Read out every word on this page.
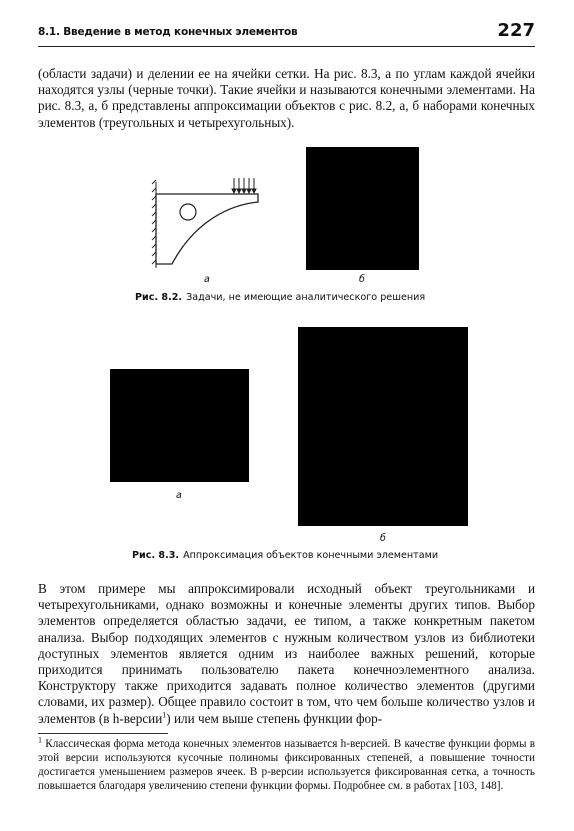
8.1. Введение в метод конечных элементов	227
(области задачи) и делении ее на ячейки сетки. На рис. 8.3, а по углам каждой ячейки находятся узлы (черные точки). Такие ячейки и называются конечными элементами. На рис. 8.3, а, б представлены аппроксимации объектов с рис. 8.2, а, б наборами конечных элементов (треугольных и четырехугольных).
а	б
Рис. 8.2. Задачи, не имеющие аналитического решения
а
б
Рис. 8.3. Аппроксимация объектов конечными элементами
В этом примере мы аппроксимировали исходный объект треугольниками и четырехугольниками, однако возможны и конечные элементы других типов. Выбор элементов определяется областью задачи, ее типом, а также конкретным пакетом анализа. Выбор подходящих элементов с нужным количеством узлов из библиотеки доступных элементов является одним из наиболее важных решений, которые приходится принимать пользователю пакета конечноэлементного анализа. Конструктору также приходится задавать полное количество элементов (другими словами, их размер). Общее правило состоит в том, что чем больше количество узлов и элементов (в h-версии$^1$) или чем выше степень функции фор-
$^1$ Классическая форма метода конечных элементов называется h-версией. В качестве функции формы в этой версии используются кусочные полиномы фиксированных степеней, а повышение точности достигается уменьшением размеров ячеек. В p-версии используется фиксированная сетка, а точность повышается благодаря увеличению степени функции формы. Подробнее см. в работах [103, 148].
